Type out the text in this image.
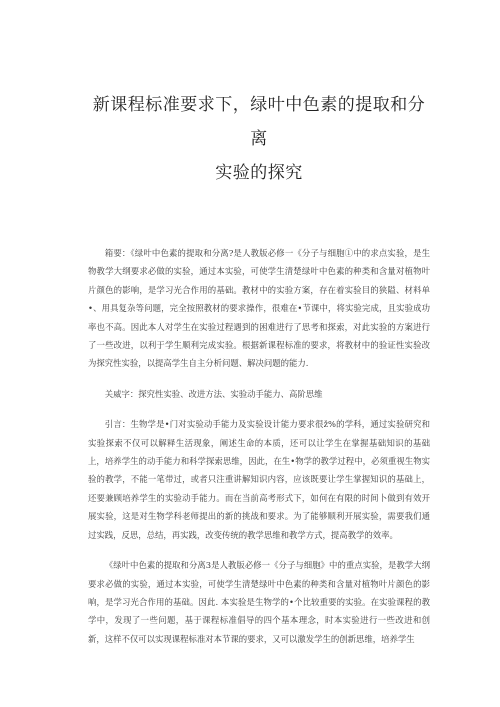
新课程标准要求下，绿叶中色素的提取和分离
实验的探究

箱要：《绿叶中色素的提取和分离?是人教版必修一《分子与细胞①中的求点实验，是生物教学大纲要求必做的实验，通过本实验，可使学生清楚绿叶中色素的种类和含量对植物叶片颜色的影响，是学习光合作用的基础。教材中的实验方案，存在着实验目的狭隘、材料单•、用具复杂等问题，完全按照教材的要求操作，很难在•节课中，将实验完成，且实验成功率也不高。因此本人对学生在实验过程遇到的困难进行了思考和探索，对此实验的方案进行了一些改进，以利于学生顺利完成实验。根据新课程标准的要求，将教材中的验证性实验改为探究性实验，以提高学生自主分析问题、解决问题的能力.

关威字：探究性实验、改进方法、实验动手能力、高阶思维

引言：生物学是•门对实验动手能力及实验设计能力要求很ž%的学科，通过实验研究和实验探索不仅可以解释生活现象，阐述生命的本质，还可以让学生在掌握基础知识的基础上，培养学生的动手能力和科学探索思维，因此，在生•物学的教学过程中，必须重视生物实验的教学，不能一笔带过，或者只注重讲解知识内容，应该既要让学生掌握知识的基础上，还要兼顾培养学生的实验动手能力。而在当前高考形式下，如何在有限的时间卜做到有效开展实验，这是对生物学科老师提出的新的挑战和要求。为了能够顺利开展实验，需要我们通过实践，反思，总结，再实践，改变传统的教学思维和教学方式，提高教学的效率。

《绿叶中色素的提取和分离3是人教版必修一《分子与细胞》中的重点实验，是教学大纲要求必做的实验，通过本实验，可使学生清楚绿叶中色素的种类和含量对植物叶片颜色的影响，是学习光合作用的基础。因此. 本实验是生物学的•个比较重要的实验。在实验课程的教学中，发现了一些问题，基于课程标准倡导的四个基本理念，时本实验进行一些改进和创新，这样不仅可以实现课程标准对本节课的要求，又可以激发学生的创新思维，培养学生
